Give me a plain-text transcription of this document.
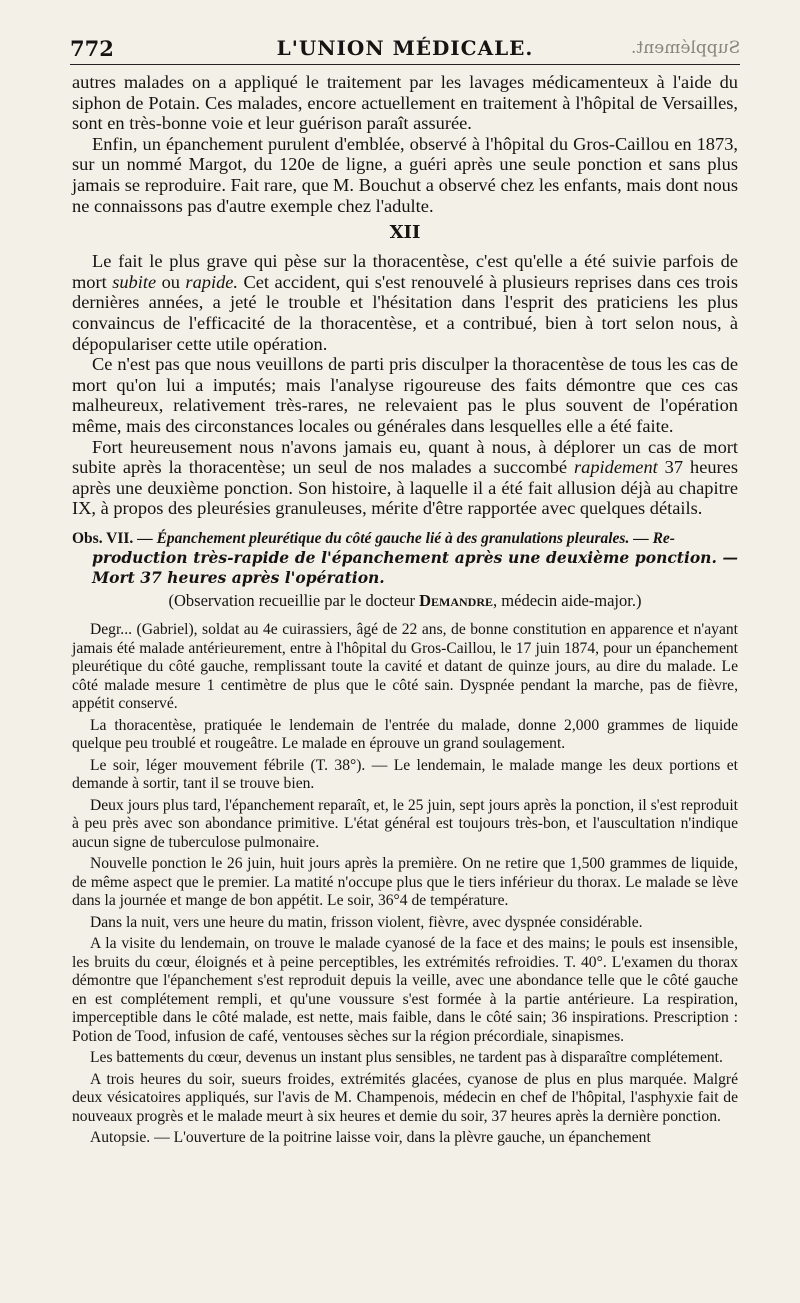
772	L'UNION MÉDICALE.	Supplément.

autres malades on a appliqué le traitement par les lavages médicamenteux à l'aide du siphon de Potain. Ces malades, encore actuellement en traitement à l'hôpital de Versailles, sont en très-bonne voie et leur guérison paraît assurée.

Enfin, un épanchement purulent d'emblée, observé à l'hôpital du Gros-Caillou en 1873, sur un nommé Margot, du 120e de ligne, a guéri après une seule ponction et sans plus jamais se reproduire. Fait rare, que M. Bouchut a observé chez les enfants, mais dont nous ne connaissons pas d'autre exemple chez l'adulte.

XII

Le fait le plus grave qui pèse sur la thoracentèse, c'est qu'elle a été suivie parfois de mort subite ou rapide. Cet accident, qui s'est renouvelé à plusieurs reprises dans ces trois dernières années, a jeté le trouble et l'hésitation dans l'esprit des praticiens les plus convaincus de l'efficacité de la thoracentèse, et a contribué, bien à tort selon nous, à dépopulariser cette utile opération.

Ce n'est pas que nous veuillons de parti pris disculper la thoracentèse de tous les cas de mort qu'on lui a imputés; mais l'analyse rigoureuse des faits démontre que ces cas malheureux, relativement très-rares, ne relevaient pas le plus souvent de l'opération même, mais des circonstances locales ou générales dans lesquelles elle a été faite.

Fort heureusement nous n'avons jamais eu, quant à nous, à déplorer un cas de mort subite après la thoracentèse; un seul de nos malades a succombé rapidement 37 heures après une deuxième ponction. Son histoire, à laquelle il a été fait allusion déjà au chapitre IX, à propos des pleurésies granuleuses, mérite d'être rapportée avec quelques détails.

Obs. VII. — Épanchement pleurétique du côté gauche lié à des granulations pleurales. — Re-
production très-rapide de l'épanchement après une deuxième ponction. — Mort 37 heures après l'opération.
(Observation recueillie par le docteur Demandre, médecin aide-major.)

Degr... (Gabriel), soldat au 4e cuirassiers, âgé de 22 ans, de bonne constitution en apparence et n'ayant jamais été malade antérieurement, entre à l'hôpital du Gros-Caillou, le 17 juin 1874, pour un épanchement pleurétique du côté gauche, remplissant toute la cavité et datant de quinze jours, au dire du malade. Le côté malade mesure 1 centimètre de plus que le côté sain. Dyspnée pendant la marche, pas de fièvre, appétit conservé.

La thoracentèse, pratiquée le lendemain de l'entrée du malade, donne 2,000 grammes de liquide quelque peu troublé et rougeâtre. Le malade en éprouve un grand soulagement.

Le soir, léger mouvement fébrile (T. 38°). — Le lendemain, le malade mange les deux portions et demande à sortir, tant il se trouve bien.

Deux jours plus tard, l'épanchement reparaît, et, le 25 juin, sept jours après la ponction, il s'est reproduit à peu près avec son abondance primitive. L'état général est toujours très-bon, et l'auscultation n'indique aucun signe de tuberculose pulmonaire.

Nouvelle ponction le 26 juin, huit jours après la première. On ne retire que 1,500 grammes de liquide, de même aspect que le premier. La matité n'occupe plus que le tiers inférieur du thorax. Le malade se lève dans la journée et mange de bon appétit. Le soir, 36°4 de température.

Dans la nuit, vers une heure du matin, frisson violent, fièvre, avec dyspnée considérable.

A la visite du lendemain, on trouve le malade cyanosé de la face et des mains; le pouls est insensible, les bruits du cœur, éloignés et à peine perceptibles, les extrémités refroidies. T. 40°. L'examen du thorax démontre que l'épanchement s'est reproduit depuis la veille, avec une abondance telle que le côté gauche en est complétement rempli, et qu'une voussure s'est formée à la partie antérieure. La respiration, imperceptible dans le côté malade, est nette, mais faible, dans le côté sain; 36 inspirations. Prescription : Potion de Tood, infusion de café, ventouses sèches sur la région précordiale, sinapismes.

Les battements du cœur, devenus un instant plus sensibles, ne tardent pas à disparaître complétement.

A trois heures du soir, sueurs froides, extrémités glacées, cyanose de plus en plus marquée. Malgré deux vésicatoires appliqués, sur l'avis de M. Champenois, médecin en chef de l'hôpital, l'asphyxie fait de nouveaux progrès et le malade meurt à six heures et demie du soir, 37 heures après la dernière ponction.

Autopsie. — L'ouverture de la poitrine laisse voir, dans la plèvre gauche, un épanchement
